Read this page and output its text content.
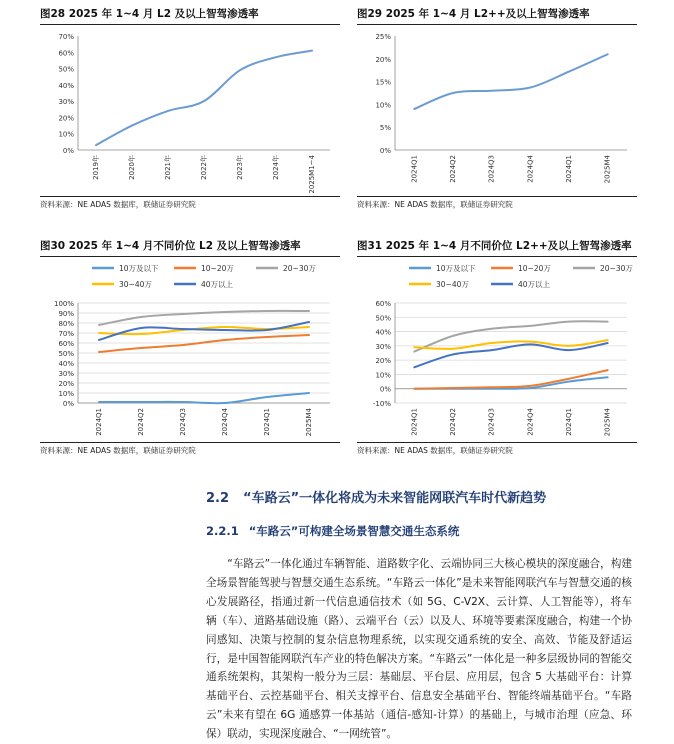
图28 2025 年 1~4 月 L2 及以上智驾渗透率
0%
10%
20%
30%
40%
50%
60%
70%
2019年	2020年	2021年	2022年	2023年	2024年	2025M1~4
资料来源：NE ADAS 数据库，联储证券研究院
图29 2025 年 1~4 月 L2++及以上智驾渗透率
0%
5%
10%
15%
20%
25%
2024Q1	2024Q2	2024Q3	2024Q4	2024Q1	2025M4
资料来源：NE ADAS 数据库，联储证券研究院
图30 2025 年 1~4 月不同价位 L2 及以上智驾渗透率
0%
10%
20%
30%
40%
50%
60%
70%
80%
90%
100%
2024Q1	2024Q2	2024Q3	2024Q4	2024Q1	2025M4
10万及以下	10~20万	20~30万
30~40万	40万以上
资料来源：NE ADAS 数据库，联储证券研究院
图31 2025 年 1~4 月不同价位 L2++及以上智驾渗透率
-10%
0%
10%
20%
30%
40%
50%
60%
2024Q1	2024Q2	2024Q3	2024Q4	2024Q1	2025M4
10万及以下	10~20万	20~30万
30~40万	40万以上
资料来源：NE ADAS 数据库，联储证券研究院
2.2 “车路云”一体化将成为未来智能网联汽车时代新趋势
2.2.1 “车路云”可构建全场景智慧交通生态系统

“车路云”一体化通过车辆智能、道路数字化、云端协同三大核心模块的深度融合，构建全场景智能驾驶与智慧交通生态系统。“车路云一体化”是未来智能网联汽车与智慧交通的核心发展路径，指通过新一代信息通信技术（如 5G、C-V2X、云计算、人工智能等），将车辆（车）、道路基础设施（路）、云端平台（云）以及人、环境等要素深度融合，构建一个协同感知、决策与控制的复杂信息物理系统，以实现交通系统的安全、高效、节能及舒适运行，是中国智能网联汽车产业的特色解决方案。“车路云”一体化是一种多层级协同的智能交通系统架构，其架构一般分为三层：基础层、平台层、应用层，包含 5 大基础平台：计算基础平台、云控基础平台、相关支撑平台、信息安全基础平台、智能终端基础平台。“车路云”未来有望在 6G 通感算一体基站（通信-感知-计算）的基础上，与城市治理（应急、环保）联动，实现深度融合、“一网统管”。
